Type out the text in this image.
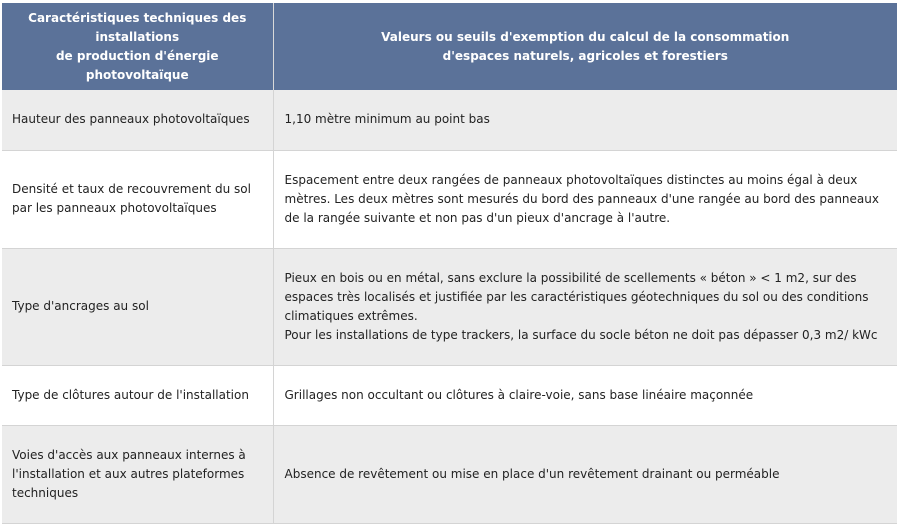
Caractéristiques techniques des
installations
de production d'énergie photovoltaïque	Valeurs ou seuils d'exemption du calcul de la consommation
d'espaces naturels, agricoles et forestiers

Hauteur des panneaux photovoltaïques	1,10 mètre minimum au point bas

Densité et taux de recouvrement du sol par les panneaux photovoltaïques	Espacement entre deux rangées de panneaux photovoltaïques distinctes au moins égal à deux mètres. Les deux mètres sont mesurés du bord des panneaux d'une rangée au bord des panneaux de la rangée suivante et non pas d'un pieux d'ancrage à l'autre.

Type d'ancrages au sol	Pieux en bois ou en métal, sans exclure la possibilité de scellements « béton » < 1 m2, sur des espaces très localisés et justifiée par les caractéristiques géotechniques du sol ou des conditions climatiques extrêmes.
Pour les installations de type trackers, la surface du socle béton ne doit pas dépasser 0,3 m2/ kWc

Type de clôtures autour de l'installation	Grillages non occultant ou clôtures à claire-voie, sans base linéaire maçonnée

Voies d'accès aux panneaux internes à l'installation et aux autres plateformes techniques	Absence de revêtement ou mise en place d'un revêtement drainant ou perméable
